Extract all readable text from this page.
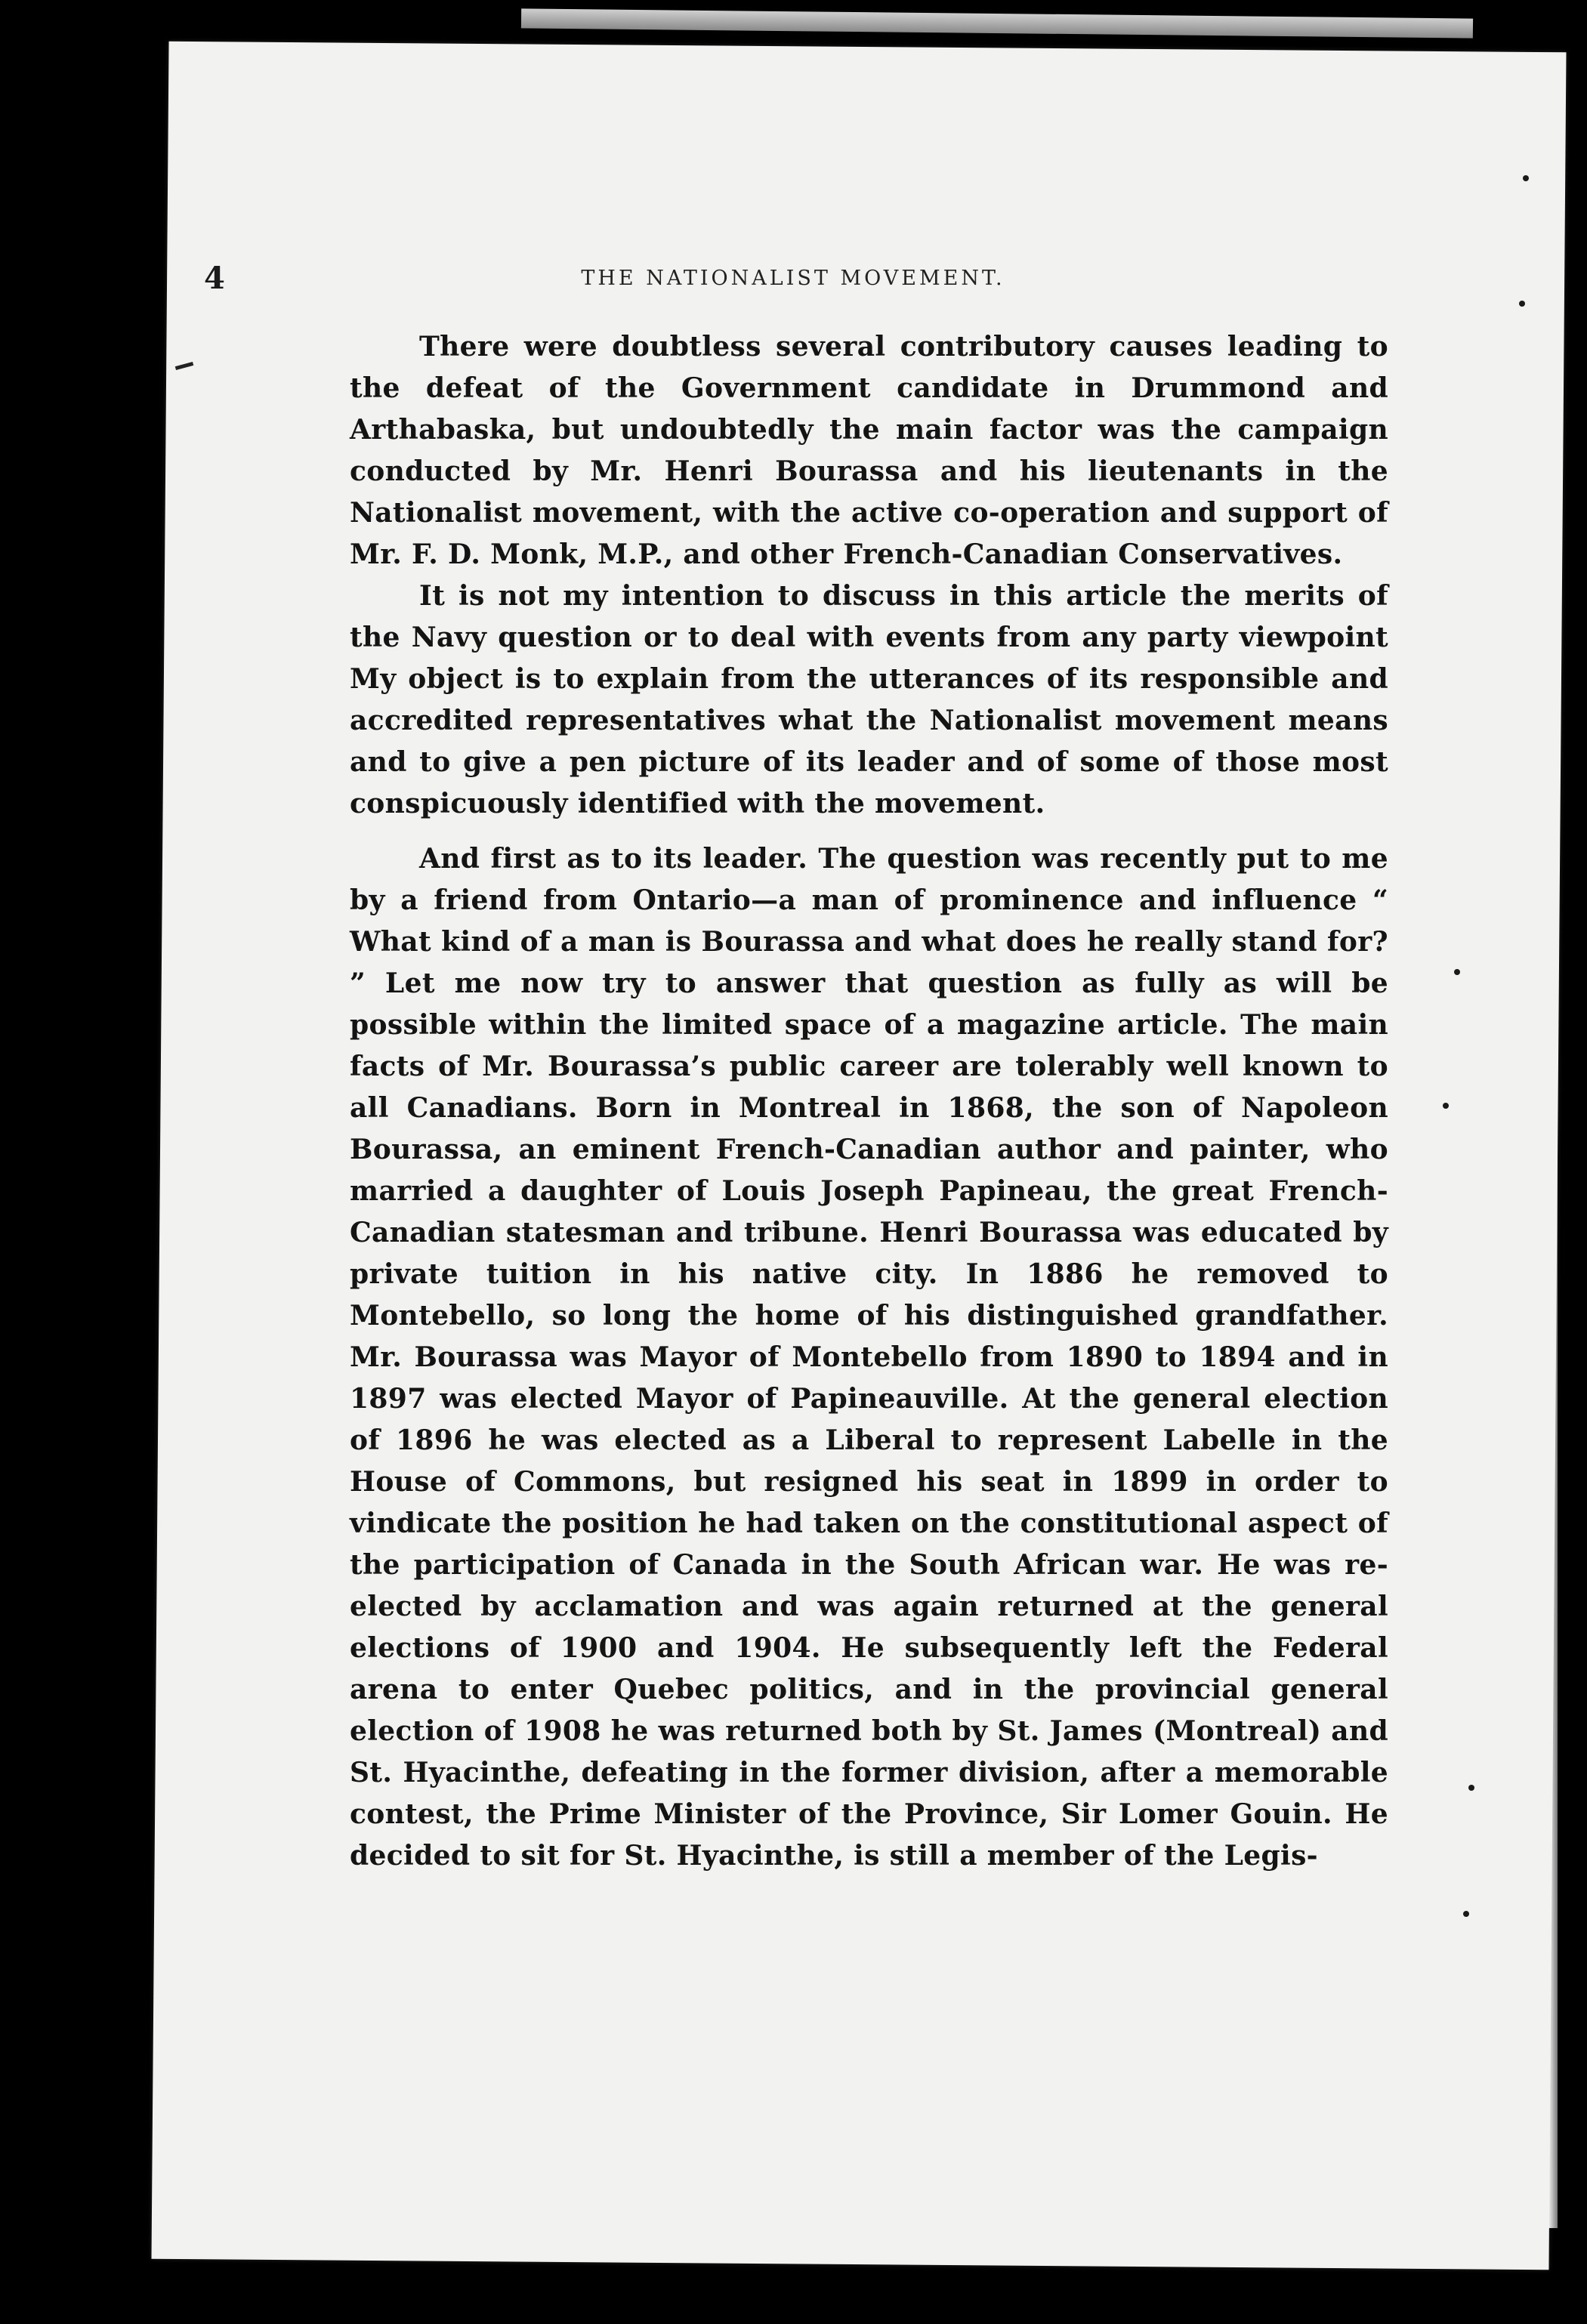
4	THE NATIONALIST MOVEMENT.

There were doubtless several contributory causes leading to the defeat of the Government candidate in Drummond and Arthabaska, but undoubtedly the main factor was the campaign conducted by Mr. Henri Bourassa and his lieutenants in the Nationalist movement, with the active co-operation and support of Mr. F. D. Monk, M.P., and other French-Canadian Conservatives.

It is not my intention to discuss in this article the merits of the Navy question or to deal with events from any party viewpoint My object is to explain from the utterances of its responsible and accredited representatives what the Nationalist movement means and to give a pen picture of its leader and of some of those most conspicuously identified with the movement.

And first as to its leader. The question was recently put to me by a friend from Ontario—a man of prominence and influence “ What kind of a man is Bourassa and what does he really stand for? ” Let me now try to answer that question as fully as will be possible within the limited space of a magazine article. The main facts of Mr. Bourassa’s public career are tolerably well known to all Canadians. Born in Montreal in 1868, the son of Napoleon Bourassa, an eminent French-Canadian author and painter, who married a daughter of Louis Joseph Papineau, the great French-Canadian statesman and tribune. Henri Bourassa was educated by private tuition in his native city. In 1886 he removed to Montebello, so long the home of his distinguished grandfather. Mr. Bourassa was Mayor of Montebello from 1890 to 1894 and in 1897 was elected Mayor of Papineauville. At the general election of 1896 he was elected as a Liberal to represent Labelle in the House of Commons, but resigned his seat in 1899 in order to vindicate the position he had taken on the constitutional aspect of the participation of Canada in the South African war. He was re-elected by acclamation and was again returned at the general elections of 1900 and 1904. He subsequently left the Federal arena to enter Quebec politics, and in the provincial general election of 1908 he was returned both by St. James (Montreal) and St. Hyacinthe, defeating in the former division, after a memorable contest, the Prime Minister of the Province, Sir Lomer Gouin. He decided to sit for St. Hyacinthe, is still a member of the Legis-
